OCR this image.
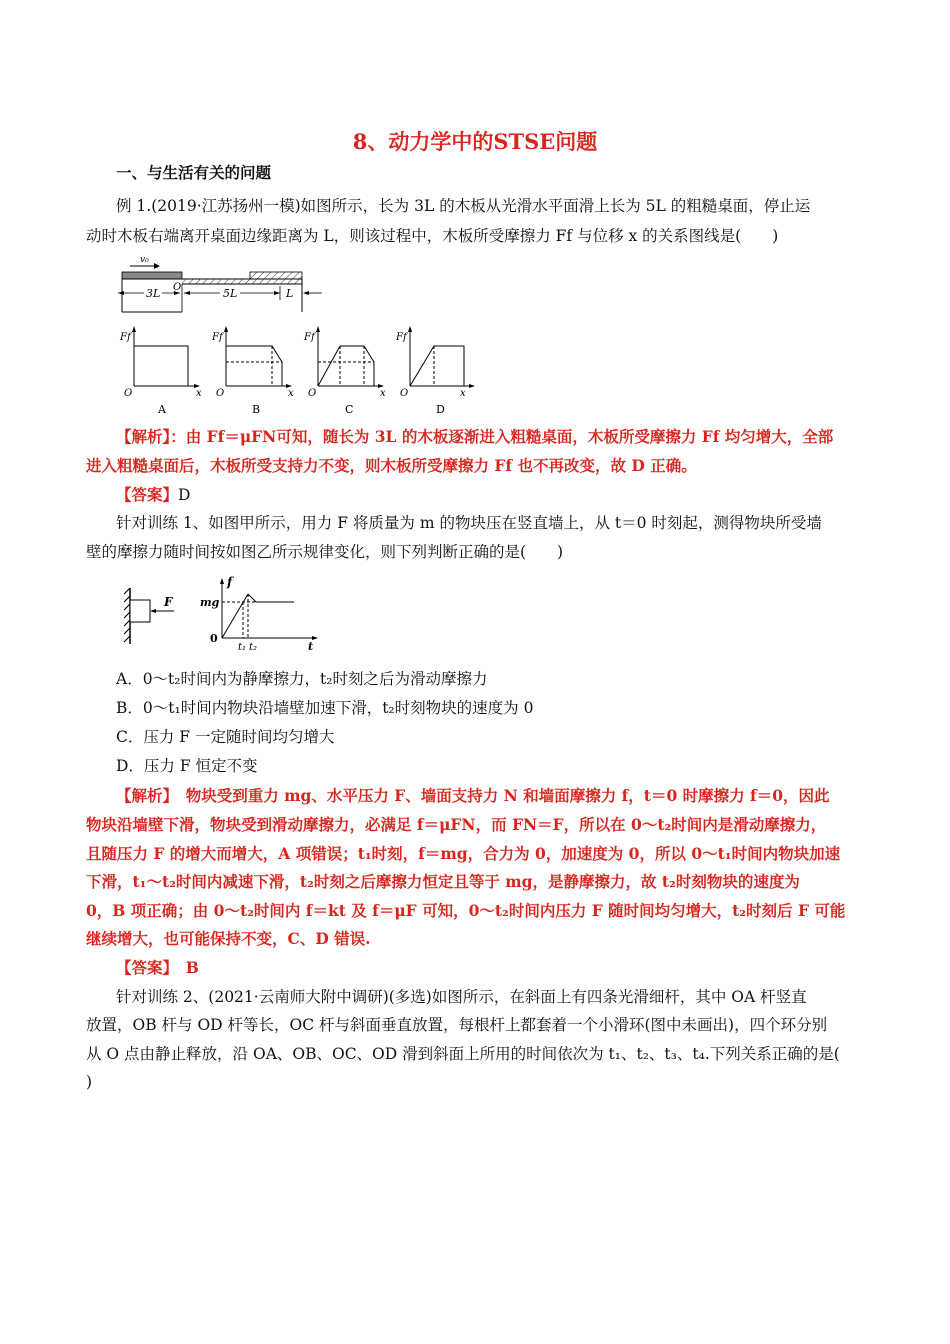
8、动力学中的STSE问题
一、与生活有关的问题
例 1.(2019·江苏扬州一模)如图所示，长为 3L 的木板从光滑水平面滑上长为 5L 的粗糙桌面，停止运
动时木板右端离开桌面边缘距离为 L，则该过程中，木板所受摩擦力 Ff 与位移 x 的关系图线是(　　)
v₀
3L O	5L	L
Ff
O	x
A
Ff
O	x
B
Ff
O	x
C
Ff
O	x
D
【解析】：由 Ff＝μFN可知，随长为 3L 的木板逐渐进入粗糙桌面，木板所受摩擦力 Ff 均匀增大，全部
进入粗糙桌面后，木板所受支持力不变，则木板所受摩擦力 Ff 也不再改变，故 D 正确。
【答案】D
针对训练 1、如图甲所示，用力 F 将质量为 m 的物块压在竖直墙上，从 t＝0 时刻起，测得物块所受墙
壁的摩擦力随时间按如图乙所示规律变化，则下列判断正确的是(　　)
F
f
mg
0
t
t₁ t₂
A．0～t₂时间内为静摩擦力，t₂时刻之后为滑动摩擦力
B．0～t₁时间内物块沿墙壁加速下滑，t₂时刻物块的速度为 0
C．压力 F 一定随时间均匀增大
D．压力 F 恒定不变
【解析】　物块受到重力 mg、水平压力 F、墙面支持力 N 和墙面摩擦力 f，t＝0 时摩擦力 f＝0，因此
物块沿墙壁下滑，物块受到滑动摩擦力，必满足 f＝μFN，而 FN＝F，所以在 0～t₂时间内是滑动摩擦力，
且随压力 F 的增大而增大，A 项错误；t₁时刻，f＝mg，合力为 0，加速度为 0，所以 0～t₁时间内物块加速
下滑，t₁～t₂时间内减速下滑，t₂时刻之后摩擦力恒定且等于 mg，是静摩擦力，故 t₂时刻物块的速度为
0，B 项正确；由 0～t₂时间内 f＝kt 及 f＝μF 可知，0～t₂时间内压力 F 随时间均匀增大，t₂时刻后 F 可能
继续增大，也可能保持不变，C、D 错误.
【答案】　B
针对训练 2、(2021·云南师大附中调研)(多选)如图所示，在斜面上有四条光滑细杆，其中 OA 杆竖直
放置，OB 杆与 OD 杆等长，OC 杆与斜面垂直放置，每根杆上都套着一个小滑环(图中未画出)，四个环分别
从 O 点由静止释放，沿 OA、OB、OC、OD 滑到斜面上所用的时间依次为 t₁、t₂、t₃、t₄.下列关系正确的是(
)
